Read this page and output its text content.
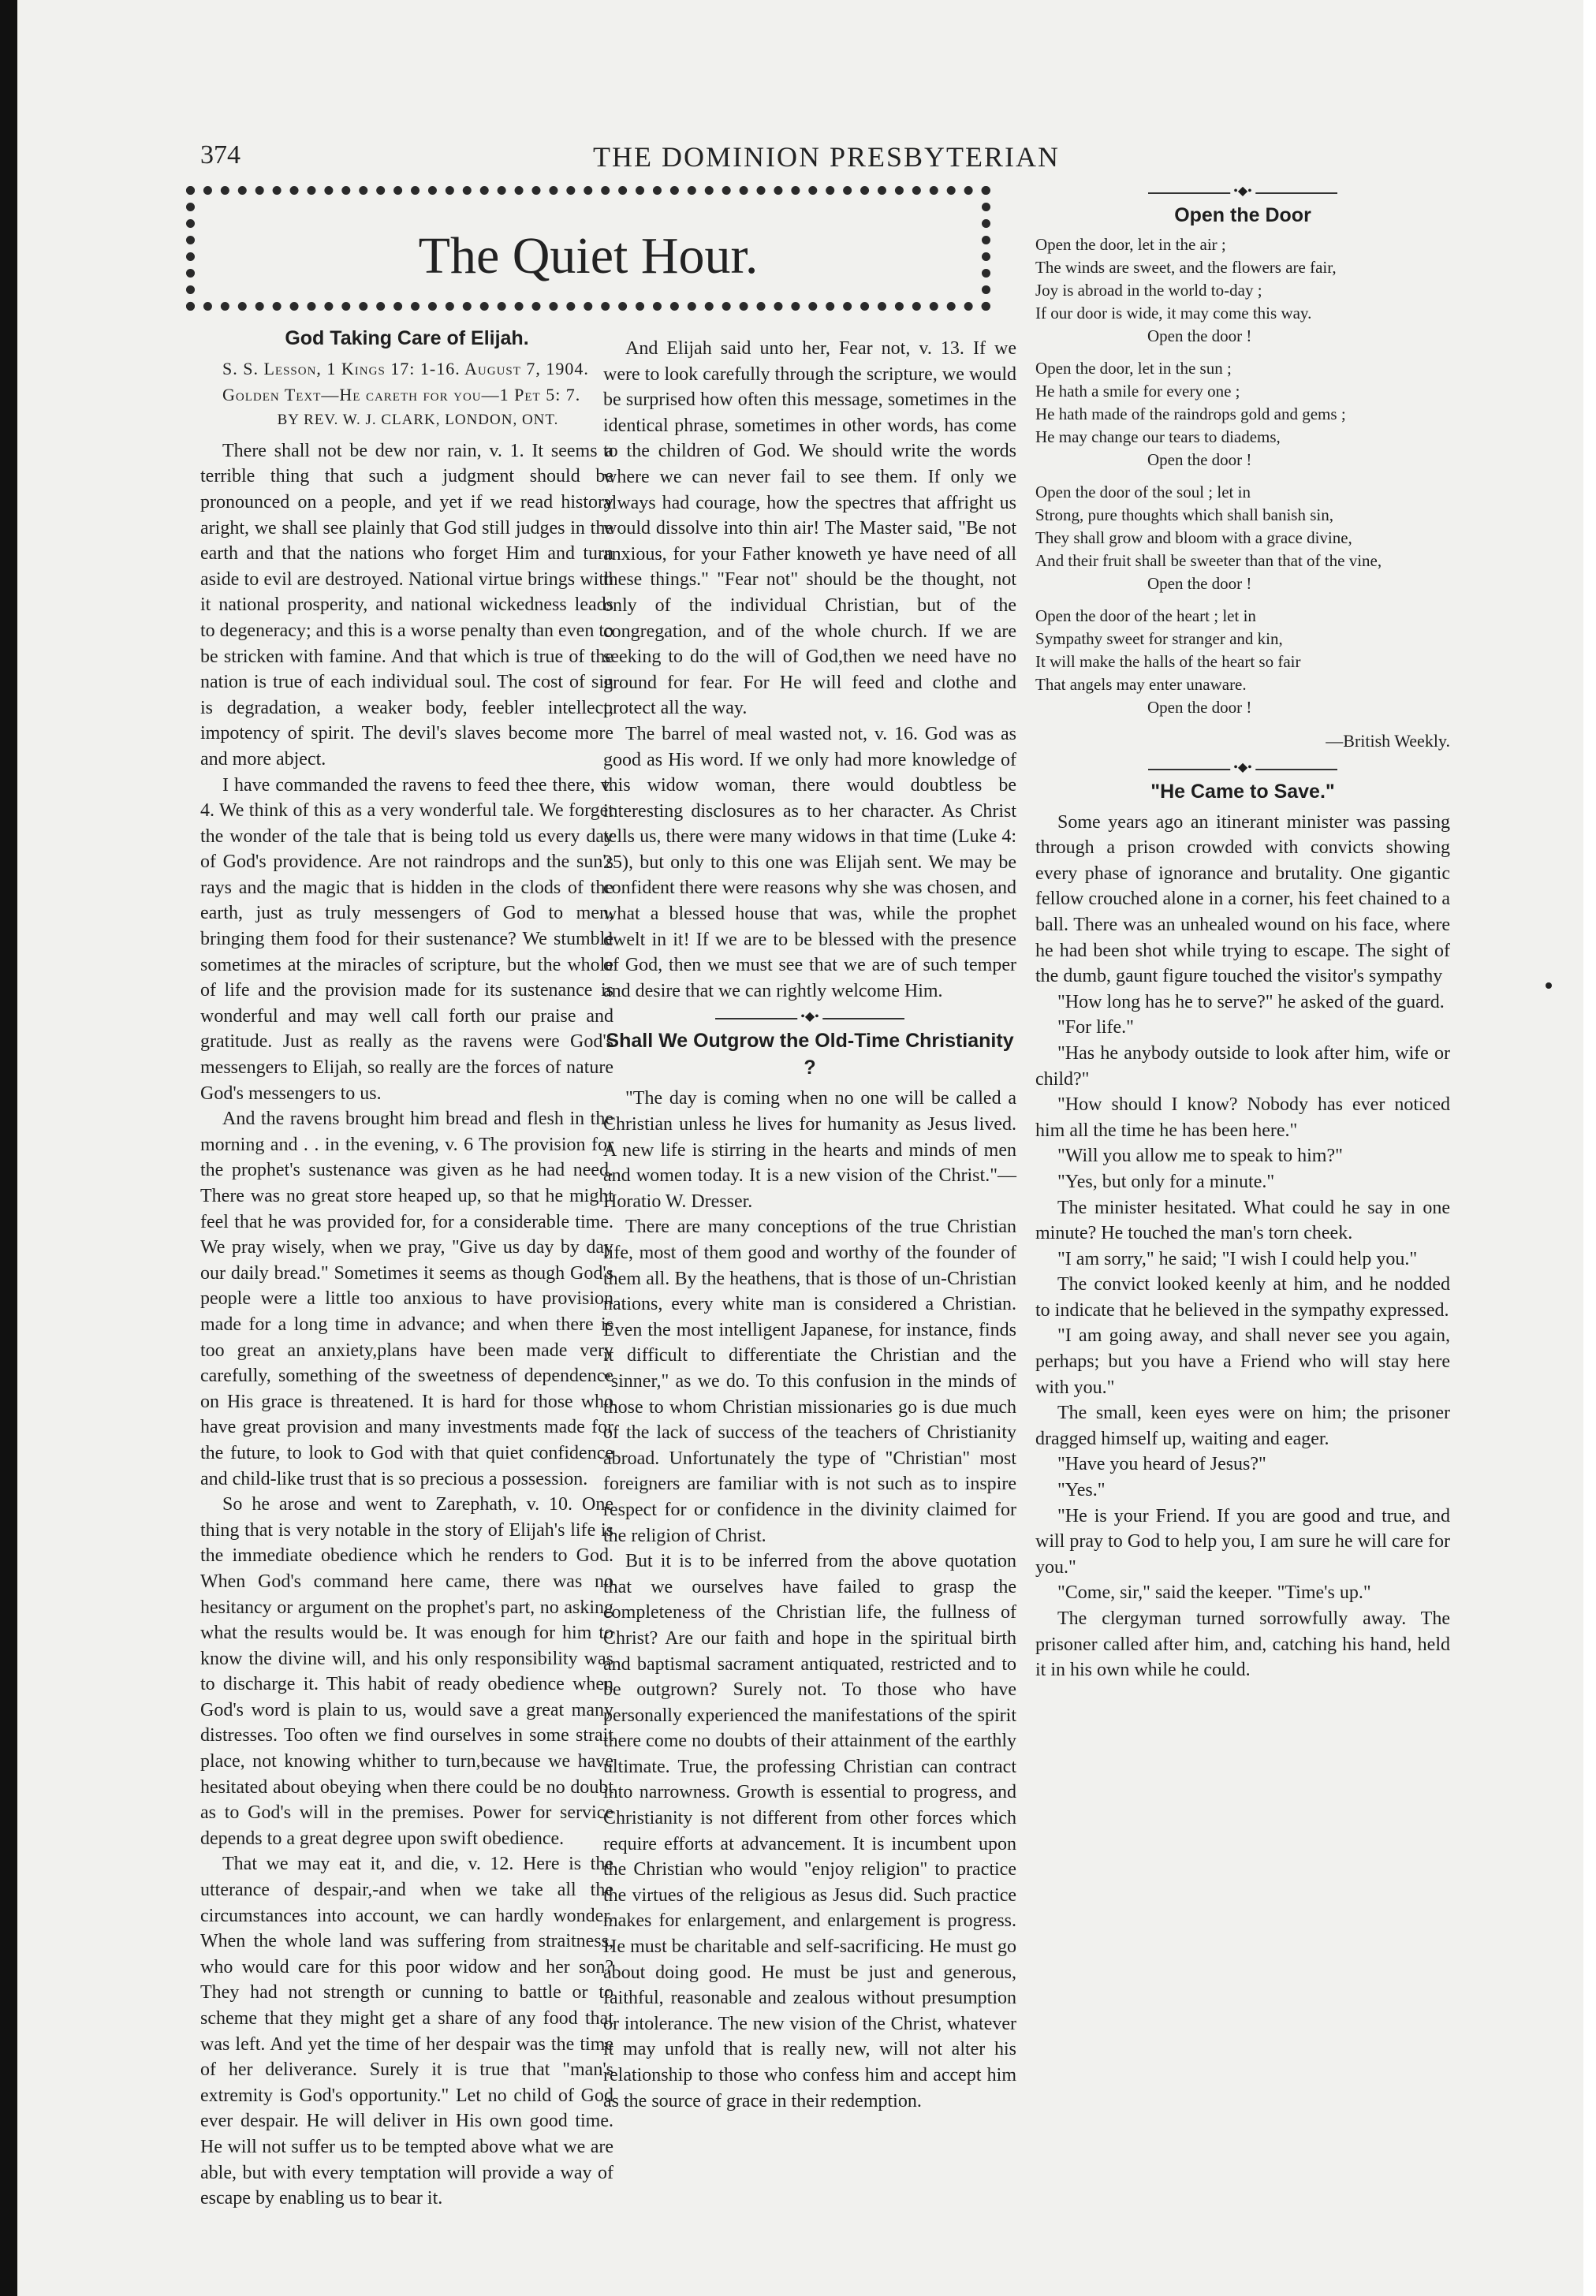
374	THE DOMINION PRESBYTERIAN
The Quiet Hour.
God Taking Care of Elijah.

S. S. Lesson, 1 Kings 17: 1-16. August 7, 1904.

Golden Text—He careth for you—1 Pet 5: 7.

BY REV. W. J. CLARK, LONDON, ONT.

There shall not be dew nor rain, v. 1. It seems a terrible thing that such a judgment should be pronounced on a people, and yet if we read history aright, we shall see plainly that God still judges in the earth and that the nations who forget Him and turn aside to evil are destroyed. National virtue brings with it national prosperity, and national wickedness leads to degeneracy; and this is a worse penalty than even to be stricken with famine. And that which is true of the nation is true of each individual soul. The cost of sin is degradation, a weaker body, feebler intellect, impotency of spirit. The devil's slaves become more and more abject.

I have commanded the ravens to feed thee there, v. 4. We think of this as a very wonderful tale. We forget the wonder of the tale that is being told us every day of God's providence. Are not raindrops and the sun's rays and the magic that is hidden in the clods of the earth, just as truly messengers of God to men, bringing them food for their sustenance? We stumble sometimes at the miracles of scripture, but the whole of life and the provision made for its sustenance is wonderful and may well call forth our praise and gratitude. Just as really as the ravens were God's messengers to Elijah, so really are the forces of nature God's messengers to us.

And the ravens brought him bread and flesh in the morning and . . in the evening, v. 6 The provision for the prophet's sustenance was given as he had need. There was no great store heaped up, so that he might feel that he was provided for, for a considerable time. We pray wisely, when we pray, "Give us day by day our daily bread." Sometimes it seems as though God's people were a little too anxious to have provision made for a long time in advance; and when there is too great an anxiety,plans have been made very carefully, something of the sweetness of dependence on His grace is threatened. It is hard for those who have great provision and many investments made for the future, to look to God with that quiet confidence and child-like trust that is so precious a possession.

So he arose and went to Zarephath, v. 10. One thing that is very notable in the story of Elijah's life is the immediate obedience which he renders to God. When God's command here came, there was no hesitancy or argument on the prophet's part, no asking what the results would be. It was enough for him to know the divine will, and his only responsibility was to discharge it. This habit of ready obedience when God's word is plain to us, would save a great many distresses. Too often we find ourselves in some strait place, not knowing whither to turn,because we have hesitated about obeying when there could be no doubt as to God's will in the premises. Power for service depends to a great degree upon swift obedience.

That we may eat it, and die, v. 12. Here is the utterance of despair,-and when we take all the circumstances into account, we can hardly wonder. When the whole land was suffering from straitness, who would care for this poor widow and her son? They had not strength or cunning to battle or to scheme that they might get a share of any food that was left. And yet the time of her despair was the time of her deliverance. Surely it is true that "man's extremity is God's opportunity." Let no child of God ever despair. He will deliver in His own good time. He will not suffer us to be tempted above what we are able, but with every temptation will provide a way of escape by enabling us to bear it.

And Elijah said unto her, Fear not, v. 13. If we were to look carefully through the scripture, we would be surprised how often this message, sometimes in the identical phrase, sometimes in other words, has come to the children of God. We should write the words where we can never fail to see them. If only we always had courage, how the spectres that affright us would dissolve into thin air! The Master said, "Be not anxious, for your Father knoweth ye have need of all these things." "Fear not" should be the thought, not only of the individual Christian, but of the congregation, and of the whole church. If we are seeking to do the will of God,then we need have no ground for fear. For He will feed and clothe and protect all the way.

The barrel of meal wasted not, v. 16. God was as good as His word. If we only had more knowledge of this widow woman, there would doubtless be interesting disclosures as to her character. As Christ tells us, there were many widows in that time (Luke 4: 25), but only to this one was Elijah sent. We may be confident there were reasons why she was chosen, and what a blessed house that was, while the prophet dwelt in it! If we are to be blessed with the presence of God, then we must see that we are of such temper and desire that we can rightly welcome Him.

•◆•
Shall We Outgrow the Old-Time Christianity ?

"The day is coming when no one will be called a Christian unless he lives for humanity as Jesus lived. A new life is stirring in the hearts and minds of men and women today. It is a new vision of the Christ."—Horatio W. Dresser.

There are many conceptions of the true Christian life, most of them good and worthy of the founder of them all. By the heathens, that is those of un-Christian nations, every white man is considered a Christian. Even the most intelligent Japanese, for instance, finds it difficult to differentiate the Christian and the "sinner," as we do. To this confusion in the minds of those to whom Christian missionaries go is due much of the lack of success of the teachers of Christianity abroad. Unfortunately the type of "Christian" most foreigners are familiar with is not such as to inspire respect for or confidence in the divinity claimed for the religion of Christ.

But it is to be inferred from the above quotation that we ourselves have failed to grasp the completeness of the Christian life, the fullness of Christ? Are our faith and hope in the spiritual birth and baptismal sacrament antiquated, restricted and to be outgrown? Surely not. To those who have personally experienced the manifestations of the spirit there come no doubts of their attainment of the earthly ultimate. True, the professing Christian can contract into narrowness. Growth is essential to progress, and Christianity is not different from other forces which require efforts at advancement. It is incumbent upon the Christian who would "enjoy religion" to practice the virtues of the religious as Jesus did. Such practice makes for enlargement, and enlargement is progress. He must be charitable and self-sacrificing. He must go about doing good. He must be just and generous, faithful, reasonable and zealous without presumption or intolerance. The new vision of the Christ, whatever it may unfold that is really new, will not alter his relationship to those who confess him and accept him as the source of grace in their redemption.

•◆•
Open the Door
Open the door, let in the air ;
The winds are sweet, and the flowers are fair,
Joy is abroad in the world to-day ;
If our door is wide, it may come this way.
Open the door !
Open the door, let in the sun ;
He hath a smile for every one ;
He hath made of the raindrops gold and gems ;
He may change our tears to diadems,
Open the door !
Open the door of the soul ; let in
Strong, pure thoughts which shall banish sin,
They shall grow and bloom with a grace divine,
And their fruit shall be sweeter than that of the vine,
Open the door !
Open the door of the heart ; let in
Sympathy sweet for stranger and kin,
It will make the halls of the heart so fair
That angels may enter unaware.
Open the door !
—British Weekly.
•◆•
"He Came to Save."

Some years ago an itinerant minister was passing through a prison crowded with convicts showing every phase of ignorance and brutality. One gigantic fellow crouched alone in a corner, his feet chained to a ball. There was an unhealed wound on his face, where he had been shot while trying to escape. The sight of the dumb, gaunt figure touched the visitor's sympathy

"How long has he to serve?" he asked of the guard.

"For life."

"Has he anybody outside to look after him, wife or child?"

"How should I know? Nobody has ever noticed him all the time he has been here."

"Will you allow me to speak to him?"

"Yes, but only for a minute."

The minister hesitated. What could he say in one minute? He touched the man's torn cheek.

"I am sorry," he said; "I wish I could help you."

The convict looked keenly at him, and he nodded to indicate that he believed in the sympathy expressed.

"I am going away, and shall never see you again, perhaps; but you have a Friend who will stay here with you."

The small, keen eyes were on him; the prisoner dragged himself up, waiting and eager.

"Have you heard of Jesus?"

"Yes."

"He is your Friend. If you are good and true, and will pray to God to help you, I am sure he will care for you."

"Come, sir," said the keeper. "Time's up."

The clergyman turned sorrowfully away. The prisoner called after him, and, catching his hand, held it in his own while he could.
